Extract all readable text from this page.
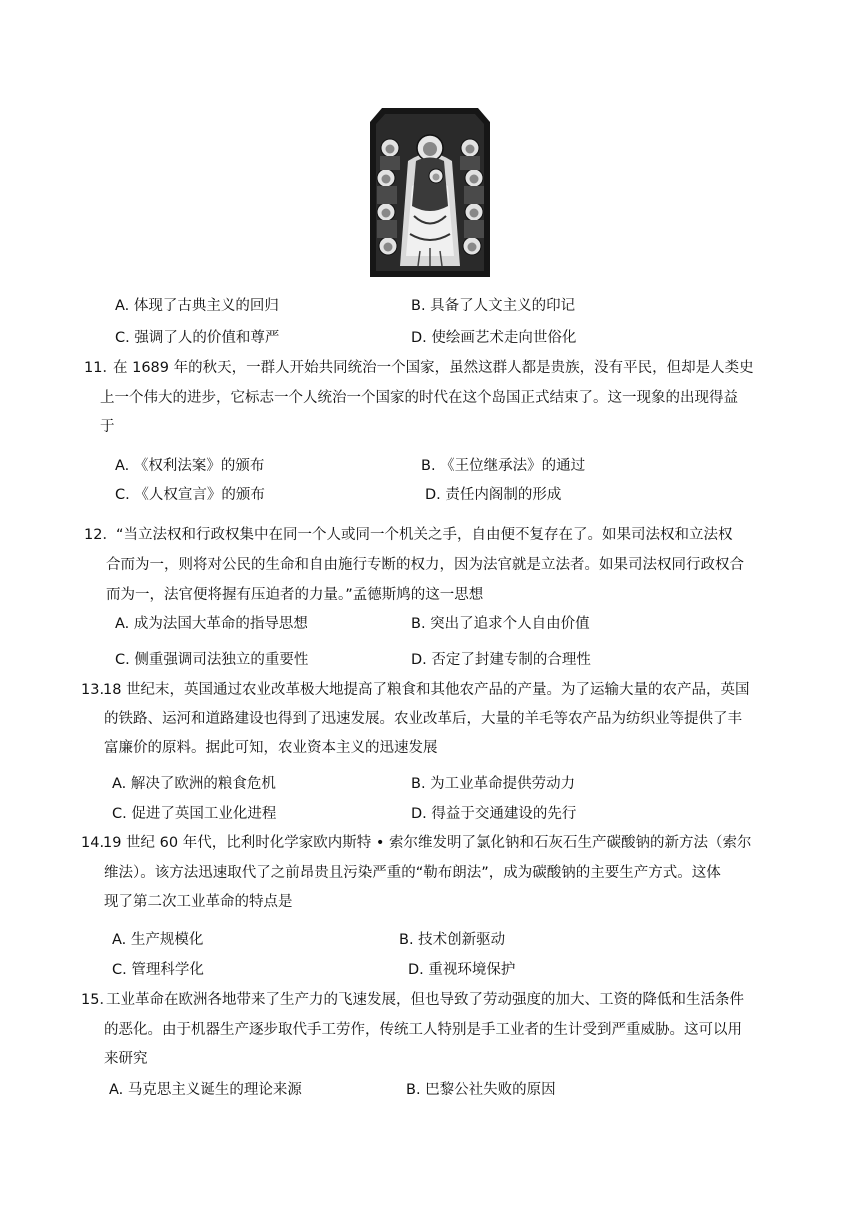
A. 体现了古典主义的回归	B. 具备了人文主义的印记
C. 强调了人的价值和尊严	D. 使绘画艺术走向世俗化
11．
在 1689 年的秋天，一群人开始共同统治一个国家，虽然这群人都是贵族，没有平民，但却是人类史
上一个伟大的进步，它标志一个人统治一个国家的时代在这个岛国正式结束了。这一现象的出现得益
于
A. 《权利法案》的颁布	B. 《王位继承法》的通过
C. 《人权宣言》的颁布	D. 责任内阁制的形成
12． “当立法权和行政权集中在同一个人或同一个机关之手，自由便不复存在了。如果司法权和立法权
合而为一，则将对公民的生命和自由施行专断的权力，因为法官就是立法者。如果司法权同行政权合
而为一，法官便将握有压迫者的力量。”孟德斯鸠的这一思想
A. 成为法国大革命的指导思想	B. 突出了追求个人自由价值
C. 侧重强调司法独立的重要性	D. 否定了封建专制的合理性
13.
18 世纪末，英国通过农业改革极大地提高了粮食和其他农产品的产量。为了运输大量的农产品，英国
的铁路、运河和道路建设也得到了迅速发展。农业改革后，大量的羊毛等农产品为纺织业等提供了丰
富廉价的原料。据此可知，农业资本主义的迅速发展
A. 解决了欧洲的粮食危机	B. 为工业革命提供劳动力
C. 促进了英国工业化进程	D. 得益于交通建设的先行
14.
19 世纪 60 年代，比利时化学家欧内斯特 • 索尔维发明了氯化钠和石灰石生产碳酸钠的新方法（索尔
维法）。该方法迅速取代了之前昂贵且污染严重的“勒布朗法”，成为碳酸钠的主要生产方式。这体
现了第二次工业革命的特点是
A. 生产规模化	B. 技术创新驱动
C. 管理科学化	D. 重视环境保护
15．
工业革命在欧洲各地带来了生产力的飞速发展，但也导致了劳动强度的加大、工资的降低和生活条件
的恶化。由于机器生产逐步取代手工劳作，传统工人特别是手工业者的生计受到严重威胁。这可以用
来研究
A. 马克思主义诞生的理论来源	B. 巴黎公社失败的原因
